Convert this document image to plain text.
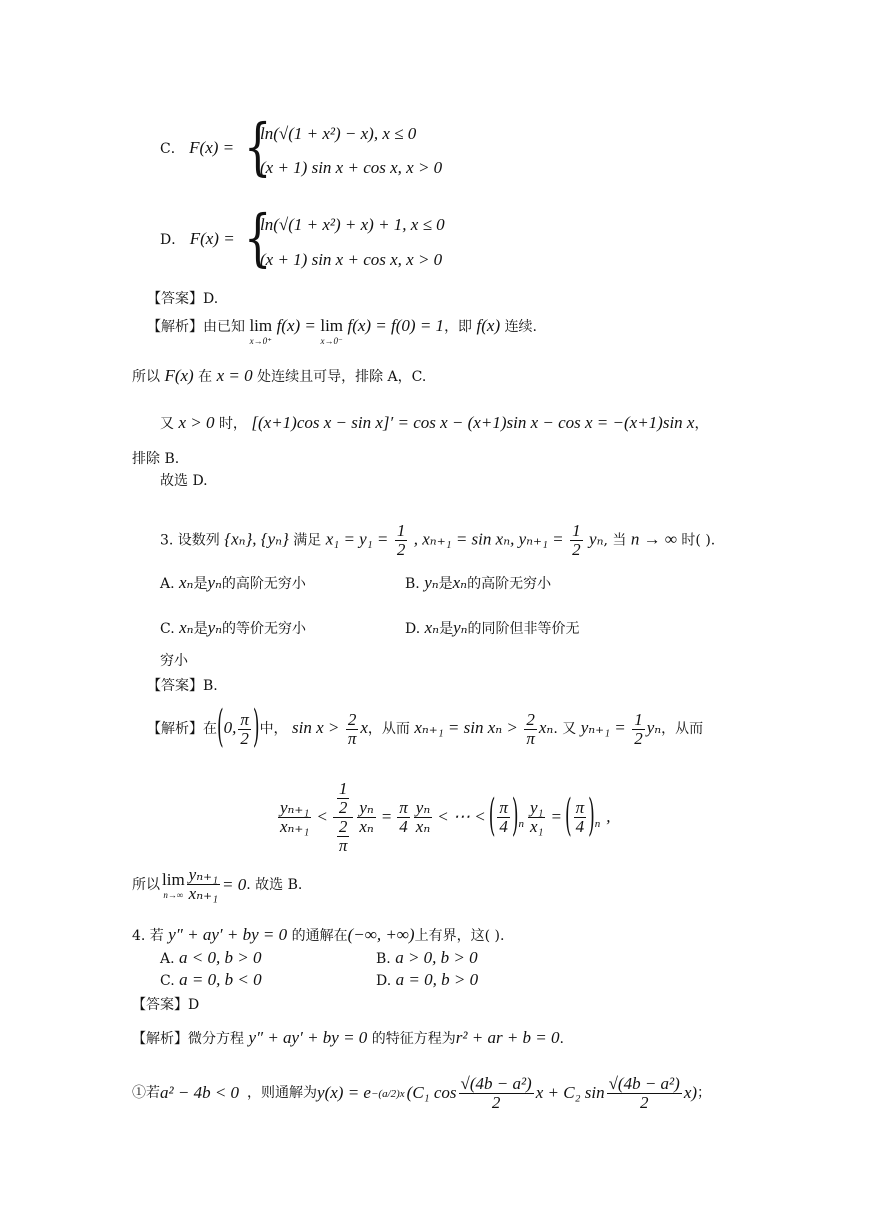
C． F(x) = {
ln(√(1 + x²) − x), x ≤ 0
(x + 1) sin x + cos x, x > 0
D． F(x) = {
ln(√(1 + x²) + x) + 1, x ≤ 0
(x + 1) sin x + cos x, x > 0
【答案】D.
【解析】由已知 lim
x→0⁺
f(x) = lim
x→0⁻
f(x) = f(0) = 1，即 f(x) 连续.
所以 F(x) 在 x = 0 处连续且可导，排除 A，C.
又 x > 0 时， [(x+1)cos x − sin x]′ = cos x − (x+1)sin x − cos x = −(x+1)sin x，
排除 B.
故选 D.
3. 设数列 {xₙ}, {yₙ} 满足 $x_1 = y_1 = \frac{1}{2}$ , xₙ₊₁ = sin xₙ, $y_{n+1} = \frac{1}{2} y_n$, 当 n → ∞ 时( ).
A. xₙ是yₙ的高阶无穷小	B. yₙ是xₙ的高阶无穷小
C. xₙ是yₙ的等价无穷小	D. xₙ是yₙ的同阶但非等价无
穷小
【答案】B.
【解析】在(0, $\frac{\pi}{2}$ )中， $\sin x > \frac{2}{\pi}$ x，从而 $x_{n+1} = \sin x_n > \frac{2}{\pi} x_n$. 又 $y_{n+1} = \frac{1}{2}$ yₙ，从而
$\frac{\text{yₙ₊₁}}{\text{xₙ₊₁}} < \frac{\frac{1}{2}}{\frac{2}{\pi}} \frac{\text{yₙ}}{\text{xₙ}} = \frac{\pi}{4} \frac{\text{yₙ}}{\text{xₙ}}$ < ⋯ < ( $\frac{\pi}{4}$ ) n $\frac{\text{y₁}}{\text{x₁}}$ = ( $\frac{\pi}{4}$ ) n ,
所以 lim
$n\to\infty \frac{\text{yₙ₊₁}}{\text{xₙ₊₁}} = 0$ . 故选 B.
4. 若 y″ + ay′ + by = 0 的通解在(−∞, +∞)上有界，这( ).
A. a < 0, b > 0	B. a > 0, b > 0
C. a = 0, b < 0	D. a = 0, b > 0
【答案】D
【解析】微分方程 y″ + ay′ + by = 0 的特征方程为r² + ar + b = 0.
①若 a² − 4b < 0 ，则通解为 y(x) = e −(a/2)x (C₁ $\cos \frac{\text{√(4b − a²)}}{2}$ x + C₂ $\sin \frac{\text{√(4b − a²)}}{2} x$) ；
